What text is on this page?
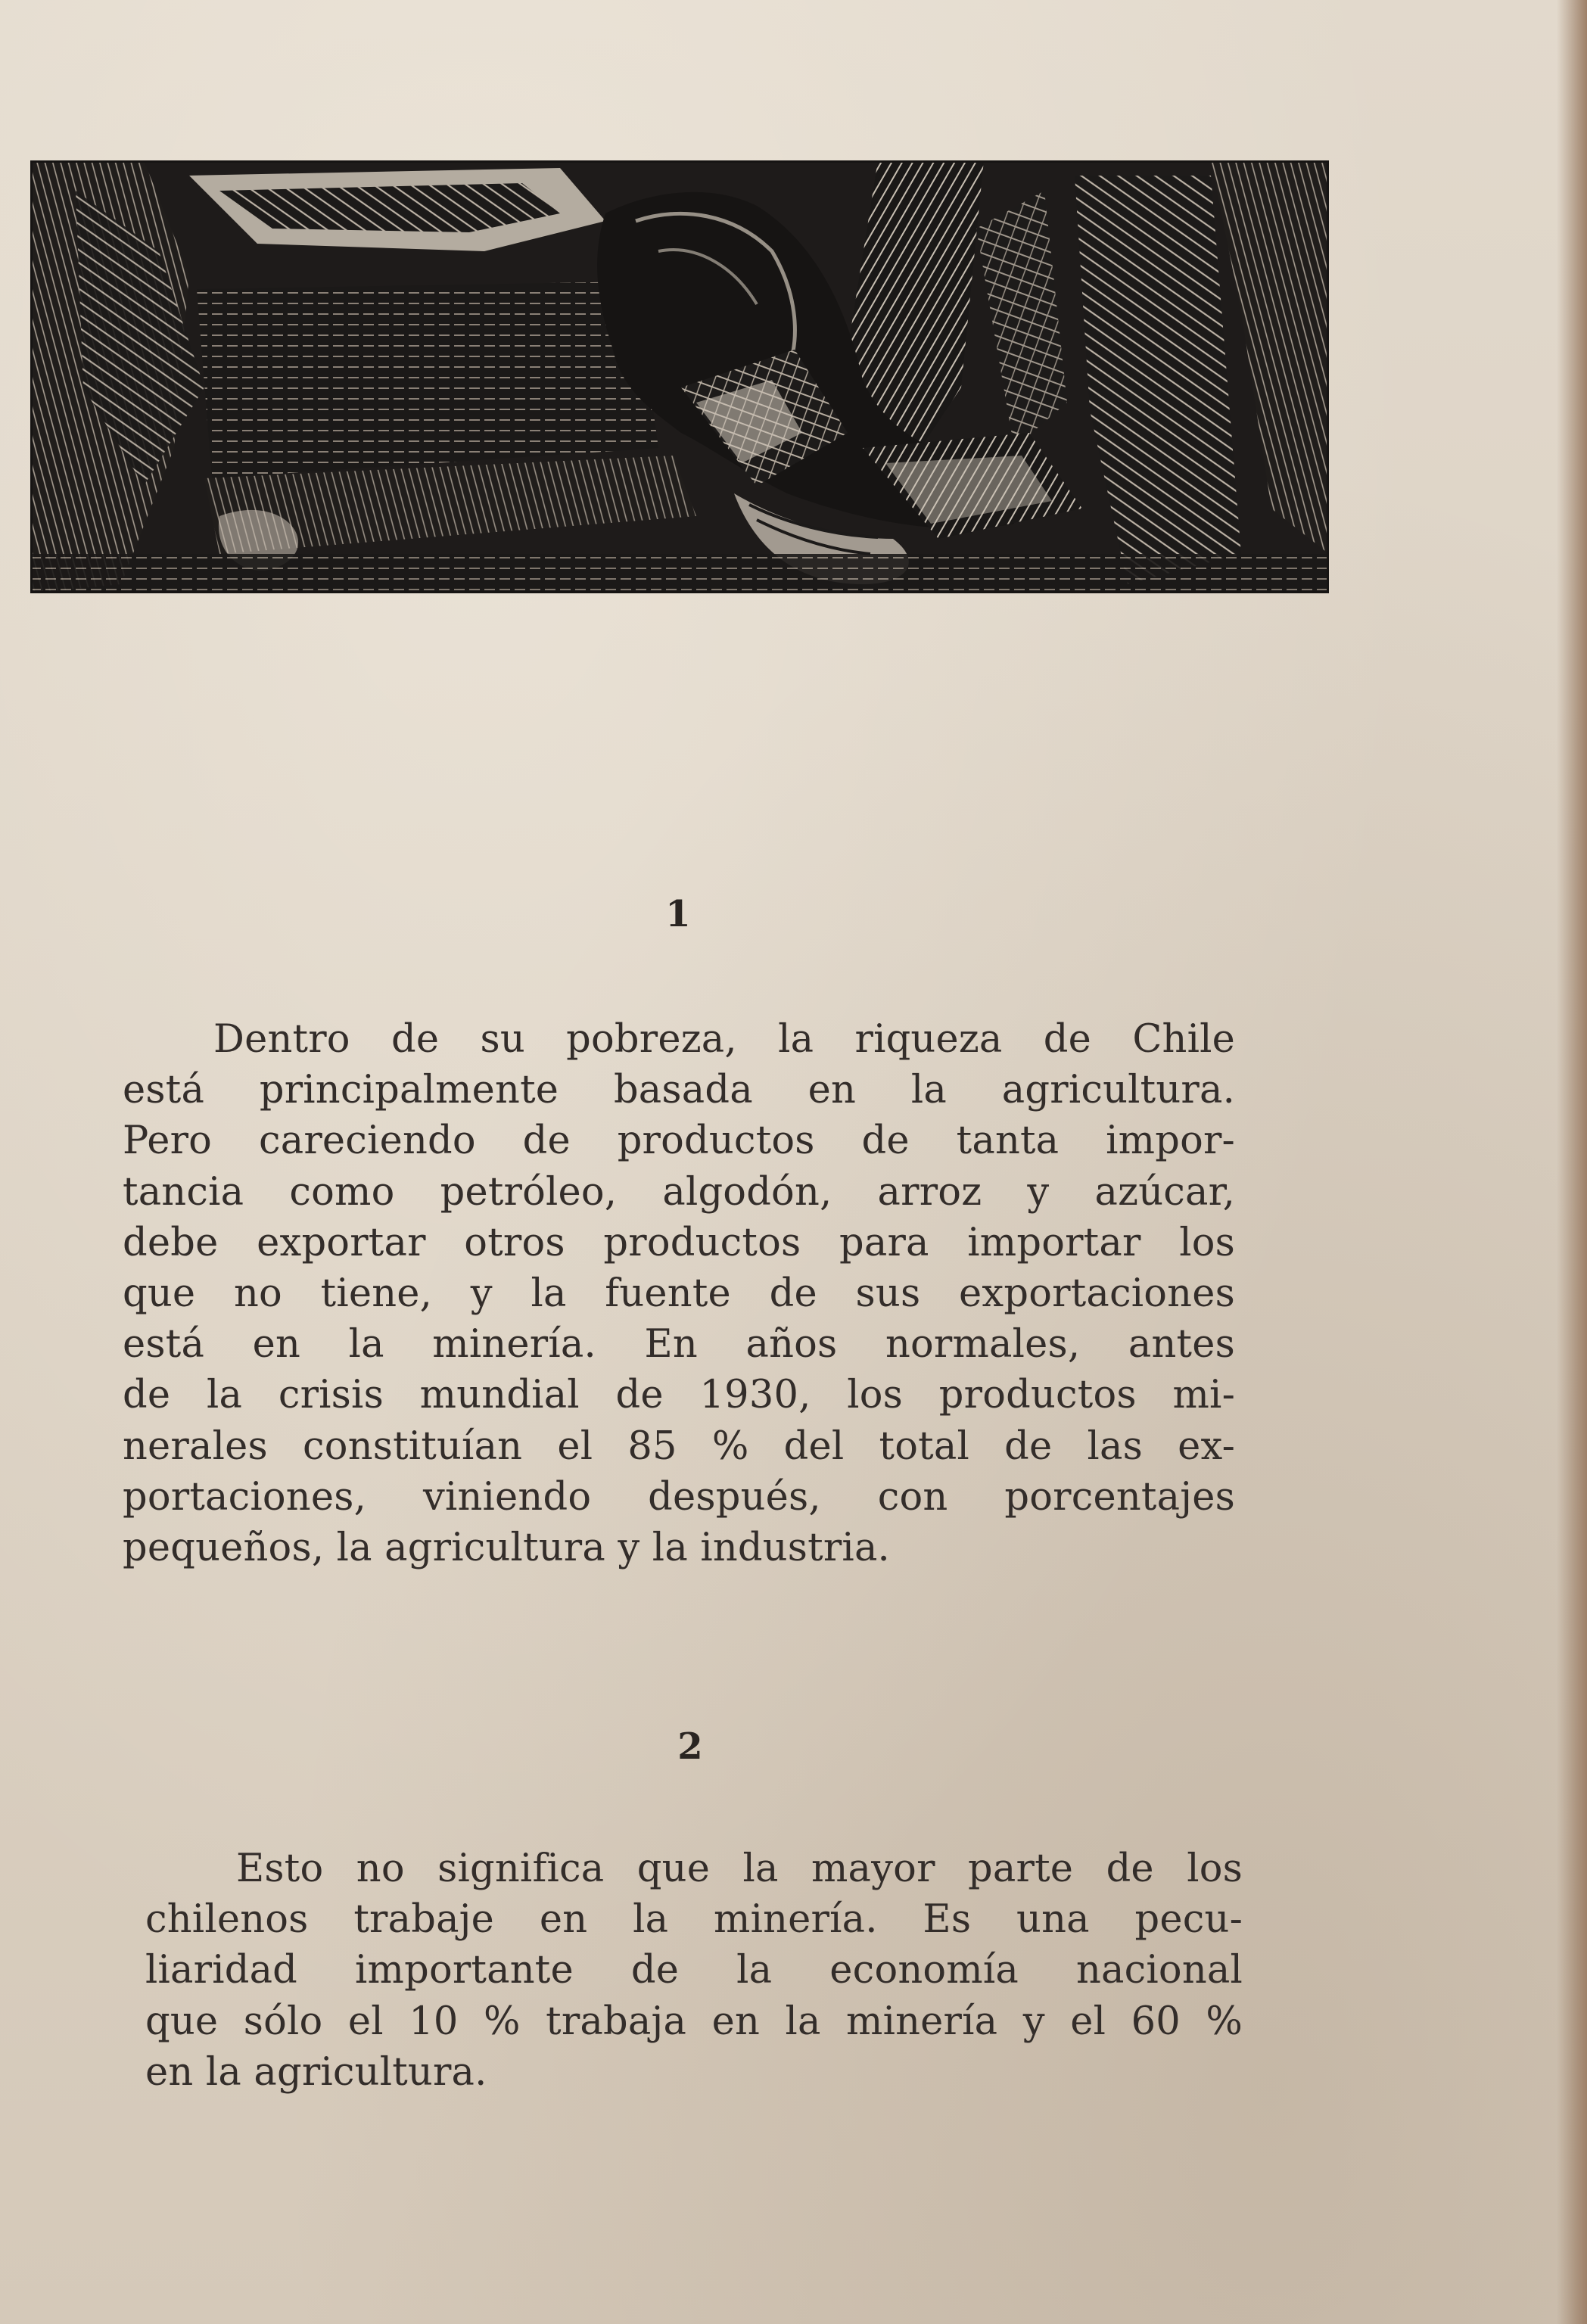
1

Dentro de su pobreza, la riqueza de Chile
está principalmente basada en la agricultura.
Pero careciendo de productos de tanta impor-
tancia como petróleo, algodón, arroz y azúcar,
debe exportar otros productos para importar los
que no tiene, y la fuente de sus exportaciones
está en la minería. En años normales, antes
de la crisis mundial de 1930, los productos mi-
nerales constituían el 85 % del total de las ex-
portaciones, viniendo después, con porcentajes
pequeños, la agricultura y la industria.

2

Esto no significa que la mayor parte de los
chilenos trabaje en la minería. Es una pecu-
liaridad importante de la economía nacional
que sólo el 10 % trabaja en la minería y el 60 %
en la agricultura.
